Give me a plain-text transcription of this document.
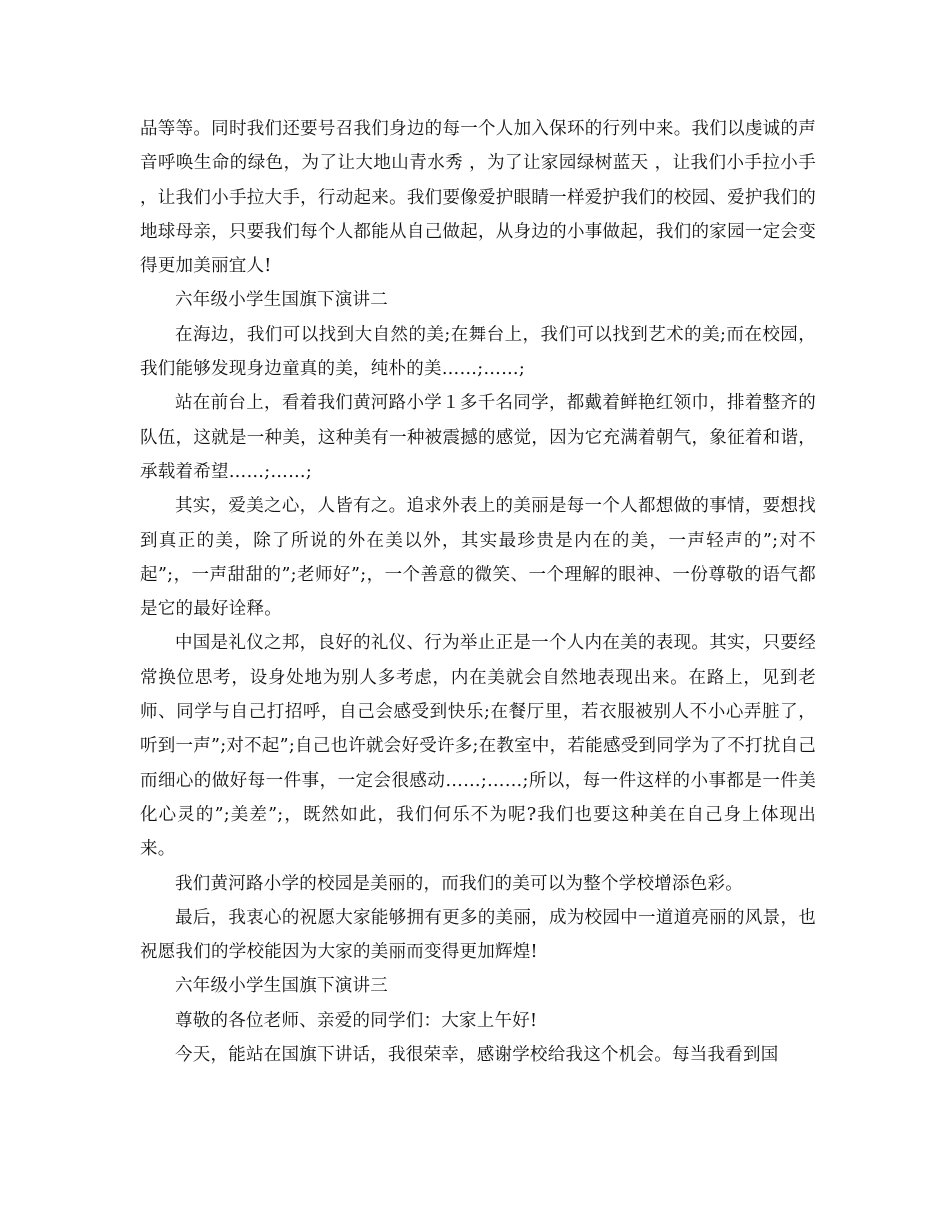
品等等。同时我们还要号召我们身边的每一个人加入保环的行列中来。我们以虔诚的声音呼唤生命的绿色，为了让大地山青水秀 ，为了让家园绿树蓝天 ，让我们小手拉小手 ，让我们小手拉大手，行动起来。我们要像爱护眼睛一样爱护我们的校园、爱护我们的地球母亲，只要我们每个人都能从自己做起，从身边的小事做起，我们的家园一定会变得更加美丽宜人!

六年级小学生国旗下演讲二

在海边，我们可以找到大自然的美;在舞台上，我们可以找到艺术的美;而在校园，我们能够发现身边童真的美，纯朴的美……;……;

站在前台上，看着我们黄河路小学１多千名同学，都戴着鲜艳红领巾，排着整齐的队伍，这就是一种美，这种美有一种被震撼的感觉，因为它充满着朝气，象征着和谐，承载着希望……;……;

其实，爱美之心，人皆有之。追求外表上的美丽是每一个人都想做的事情，要想找到真正的美，除了所说的外在美以外，其实最珍贵是内在的美，一声轻声的”;对不起”;，一声甜甜的”;老师好”;，一个善意的微笑、一个理解的眼神、一份尊敬的语气都是它的最好诠释。

中国是礼仪之邦，良好的礼仪、行为举止正是一个人内在美的表现。其实，只要经常换位思考，设身处地为别人多考虑，内在美就会自然地表现出来。在路上，见到老师、同学与自己打招呼，自己会感受到快乐;在餐厅里，若衣服被别人不小心弄脏了，听到一声”;对不起”;自己也许就会好受许多;在教室中，若能感受到同学为了不打扰自己而细心的做好每一件事，一定会很感动……;……;所以，每一件这样的小事都是一件美化心灵的”;美差”;，既然如此，我们何乐不为呢?我们也要这种美在自己身上体现出来。

我们黄河路小学的校园是美丽的，而我们的美可以为整个学校增添色彩。

最后，我衷心的祝愿大家能够拥有更多的美丽，成为校园中一道道亮丽的风景，也祝愿我们的学校能因为大家的美丽而变得更加辉煌!

六年级小学生国旗下演讲三

尊敬的各位老师、亲爱的同学们：大家上午好!

今天，能站在国旗下讲话，我很荣幸，感谢学校给我这个机会。每当我看到国
